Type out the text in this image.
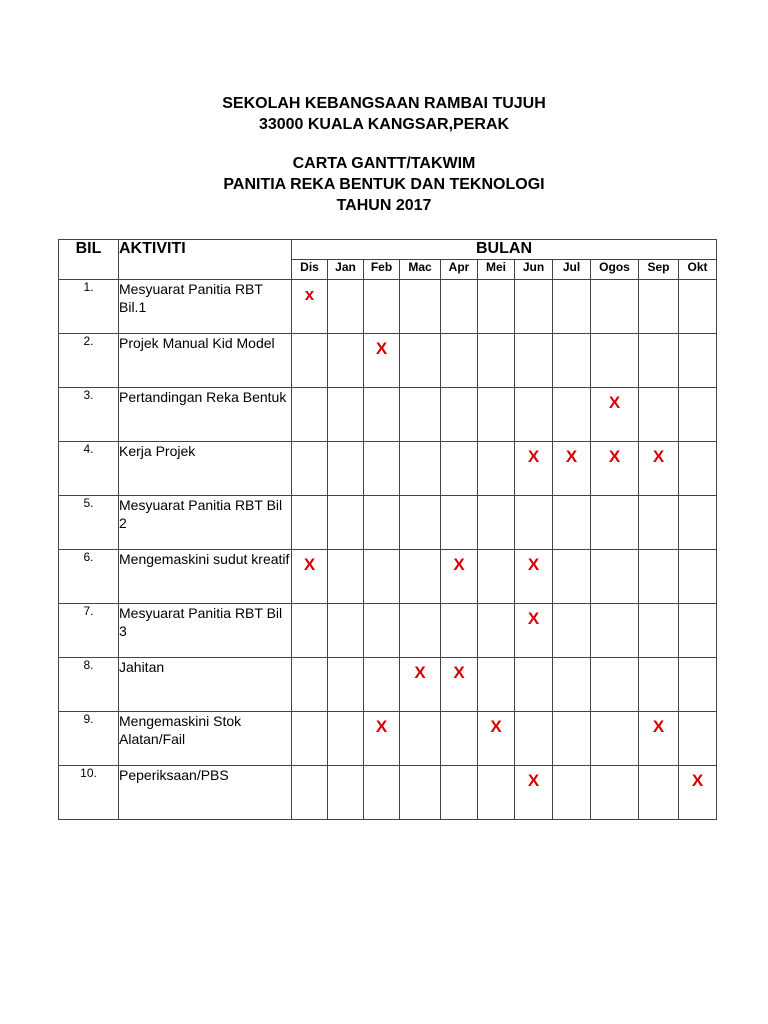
SEKOLAH KEBANGSAAN RAMBAI TUJUH
33000 KUALA KANGSAR,PERAK
CARTA GANTT/TAKWIM
PANITIA REKA BENTUK DAN TEKNOLOGI
TAHUN 2017
BIL	AKTIVITI	BULAN										
		Dis	Jan	Feb	Mac	Apr	Mei	Jun	Jul	Ogos	Sep	Okt
1.	Mesyuarat Panitia RBT Bil.1	x										
2.	Projek Manual Kid Model			X								
3.	Pertandingan Reka Bentuk									X		
4.	Kerja Projek							X	X	X	X	
5.	Mesyuarat Panitia RBT Bil 2											
6.	Mengemaskini sudut kreatif	X				X		X				
7.	Mesyuarat Panitia RBT Bil 3							X				
8.	Jahitan				X	X						
9.	Mengemaskini Stok Alatan/Fail			X			X				X	
10.	Peperiksaan/PBS							X				X
